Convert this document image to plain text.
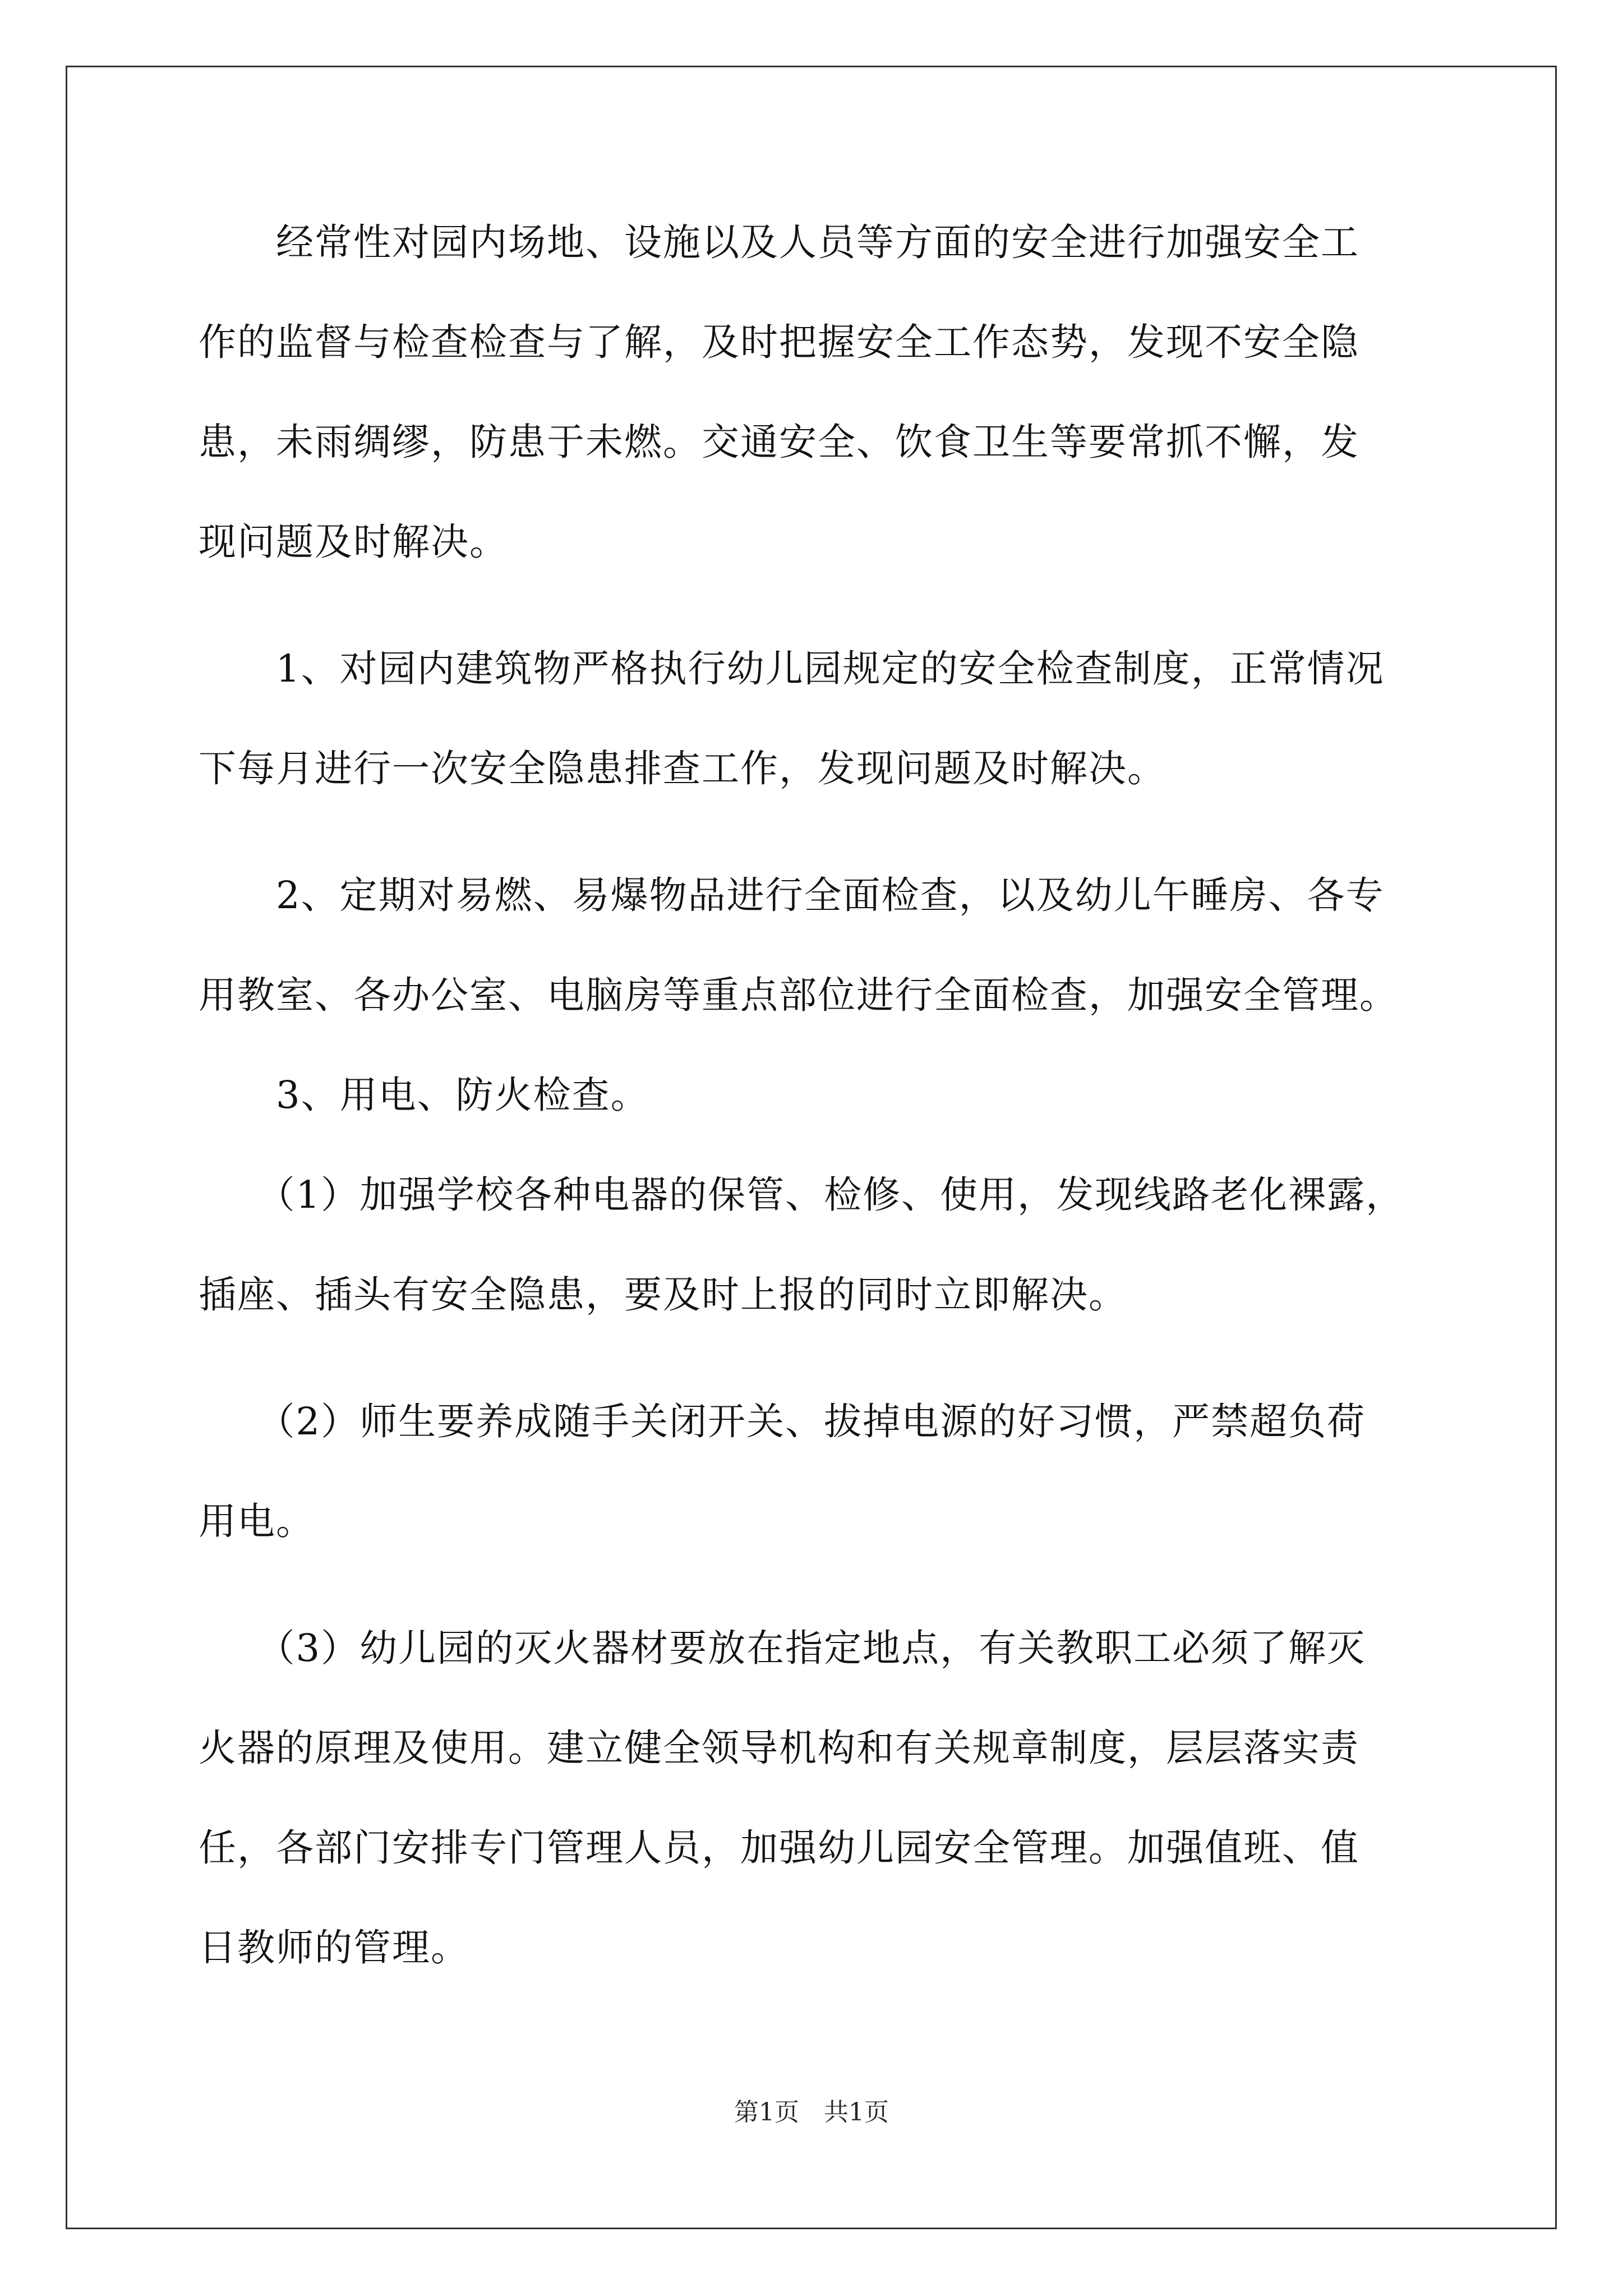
　　经常性对园内场地、设施以及人员等方面的安全进行加强安全工
作的监督与检查检查与了解，及时把握安全工作态势，发现不安全隐
患，未雨绸缪，防患于未燃。交通安全、饮食卫生等要常抓不懈，发
现问题及时解决。
　　1、对园内建筑物严格执行幼儿园规定的安全检查制度，正常情况
下每月进行一次安全隐患排查工作，发现问题及时解决。
　　2、定期对易燃、易爆物品进行全面检查，以及幼儿午睡房、各专
用教室、各办公室、电脑房等重点部位进行全面检查，加强安全管理。
　　3、用电、防火检查。
　　（1）加强学校各种电器的保管、检修、使用，发现线路老化裸露，
插座、插头有安全隐患，要及时上报的同时立即解决。
　　（2）师生要养成随手关闭开关、拔掉电源的好习惯，严禁超负荷
用电。
　　（3）幼儿园的灭火器材要放在指定地点，有关教职工必须了解灭
火器的原理及使用。建立健全领导机构和有关规章制度，层层落实责
任，各部门安排专门管理人员，加强幼儿园安全管理。加强值班、值
日教师的管理。
第1页　共1页
